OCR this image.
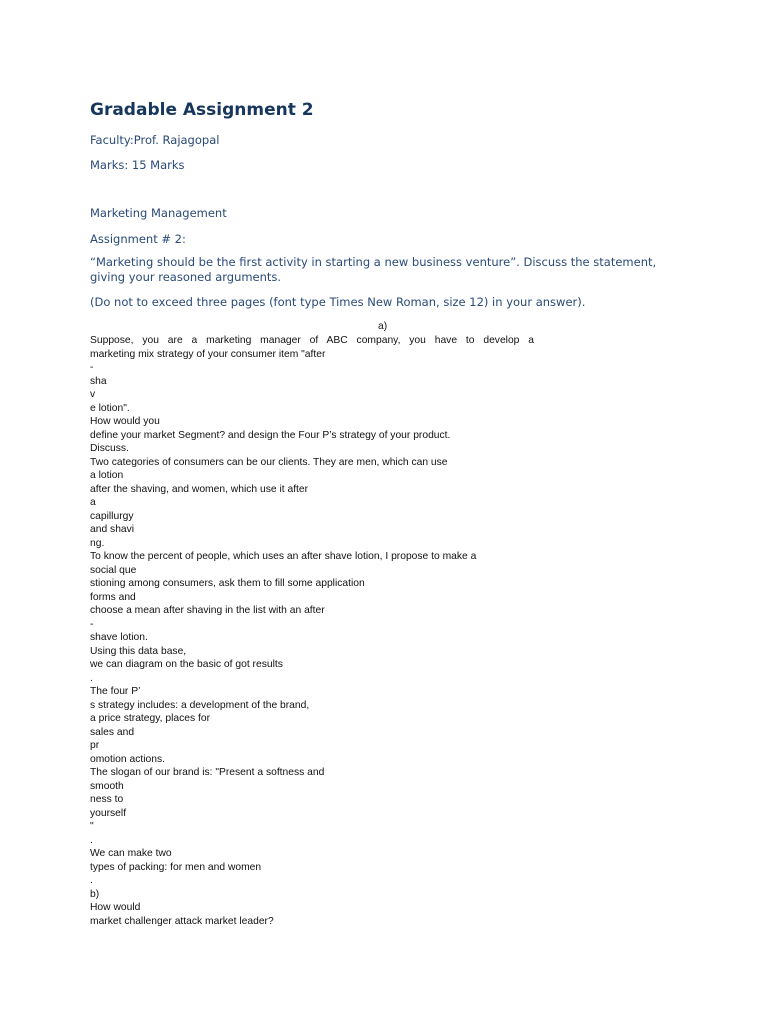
Gradable Assignment 2

Faculty:Prof. Rajagopal

Marks: 15 Marks

Marketing Management

Assignment # 2:

“Marketing should be the first activity in starting a new business venture”. Discuss the statement, giving your reasoned arguments.

(Do not to exceed three pages (font type Times New Roman, size 12) in your answer).

a)
Suppose, you are a marketing manager of ABC company, you have to develop a
marketing mix strategy of your consumer item "after
-
sha
v
e lotion".
How would you
define your market Segment? and design the Four P’s strategy of your product.
Discuss.
Two categories of consumers can be our clients. They are men, which can use
a lotion
after the shaving, and women, which use it after
a
capillurgy
and shavi
ng.
To know the percent of people, which uses an after shave lotion, I propose to make a
social que
stioning among consumers, ask them to fill some application
forms and
choose a mean after shaving in the list with an after
-
shave lotion.
Using this data base,
we can diagram on the basic of got results
.
The four P’
s strategy includes: a development of the brand,
a price strategy, places for
sales and
pr
omotion actions.
The slogan of our brand is: "Present a softness and
smooth
ness to
yourself
"
.
We can make two
types of packing: for men and women
.
b)
How would
market challenger attack market leader?
